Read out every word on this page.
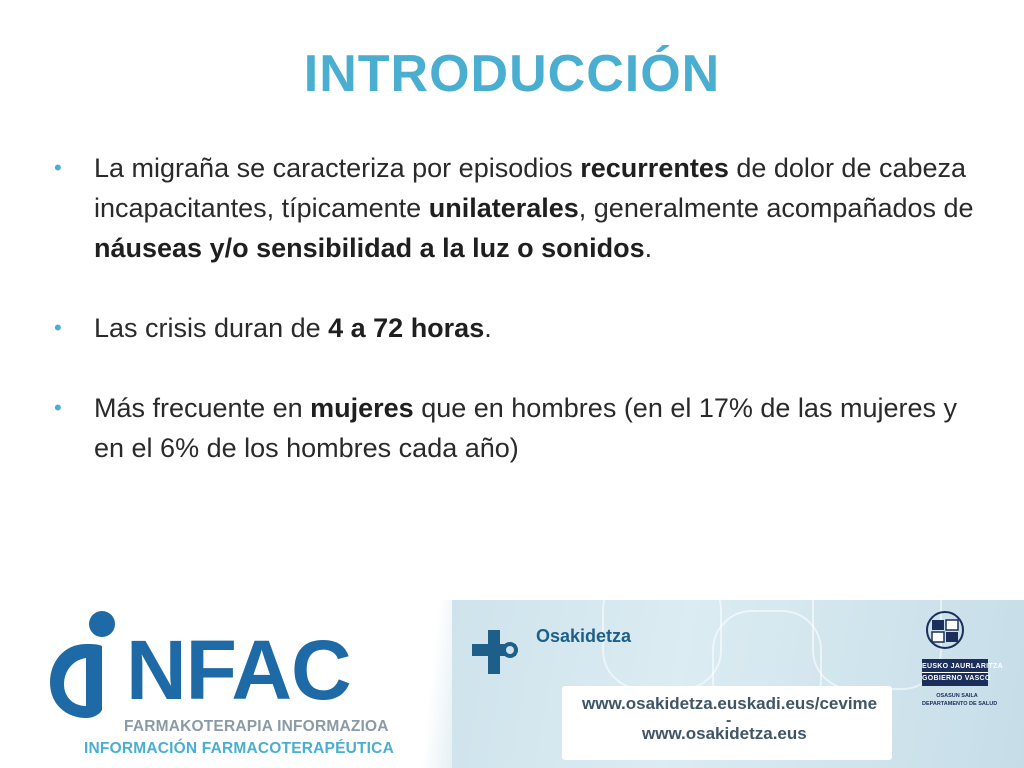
INTRODUCCIÓN
• La migraña se caracteriza por episodios recurrentes de dolor de cabeza incapacitantes, típicamente unilaterales, generalmente acompañados de náuseas y/o sensibilidad a la luz o sonidos.
• Las crisis duran de 4 a 72 horas.
• Más frecuente en mujeres que en hombres (en el 17% de las mujeres y en el 6% de los hombres cada año)
NFAC
FARMAKOTERAPIA INFORMAZIOA
INFORMACIÓN FARMACOTERAPÉUTICA
Osakidetza
www.osakidetza.euskadi.eus/cevime
-
www.osakidetza.eus
EUSKO JAURLARITZA
GOBIERNO VASCO
OSASUN SAILA
DEPARTAMENTO DE SALUD
